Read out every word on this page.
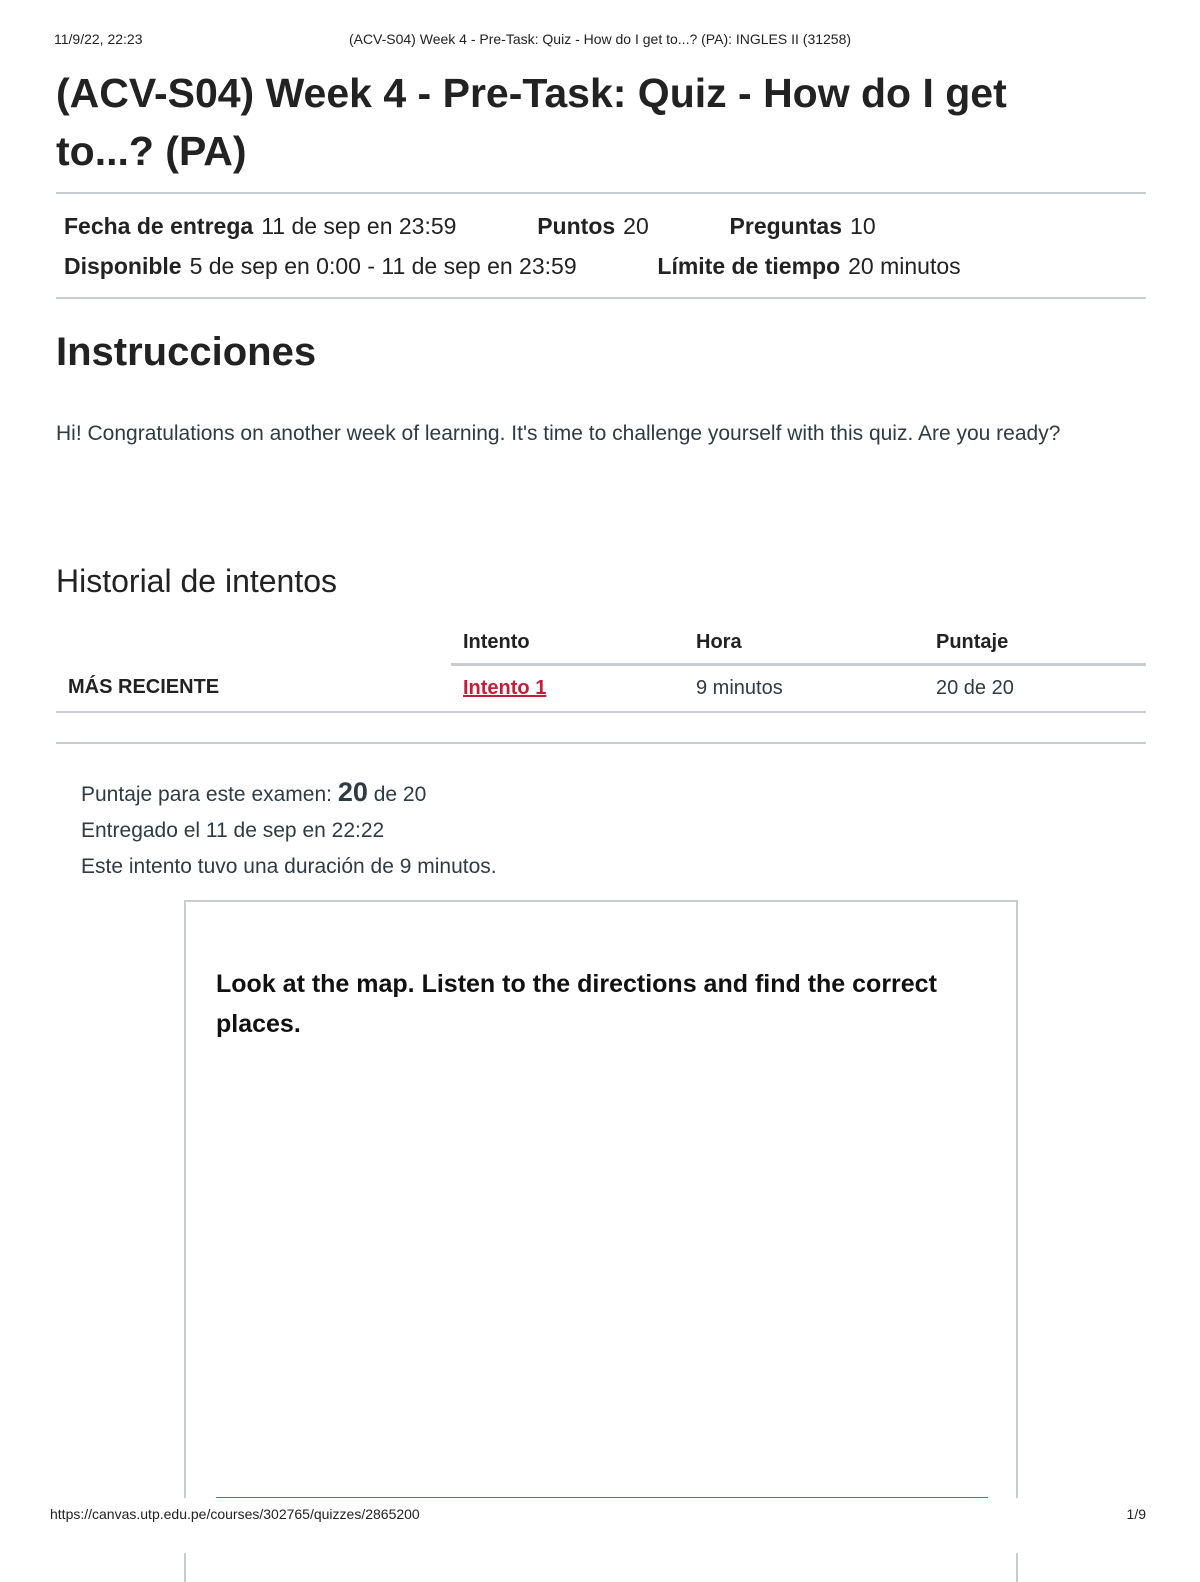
11/9/22, 22:23	(ACV-S04) Week 4 - Pre-Task: Quiz - How do I get to...? (PA): INGLES II (31258)
(ACV-S04) Week 4 - Pre-Task: Quiz - How do I get to...? (PA)
Fecha de entrega 11 de sep en 23:59	Puntos 20	Preguntas 10
Disponible 5 de sep en 0:00 - 11 de sep en 23:59	Límite de tiempo 20 minutos
Instrucciones

Hi! Congratulations on another week of learning. It's time to challenge yourself with this quiz. Are you ready?

Historial de intentos
	Intento	Hora	Puntaje
MÁS RECIENTE	Intento 1	9 minutos	20 de 20
Puntaje para este examen: 20 de 20
Entregado el 11 de sep en 22:22
Este intento tuvo una duración de 9 minutos.

Look at the map. Listen to the directions and find the correct places.

https://canvas.utp.edu.pe/courses/302765/quizzes/2865200	1/9
